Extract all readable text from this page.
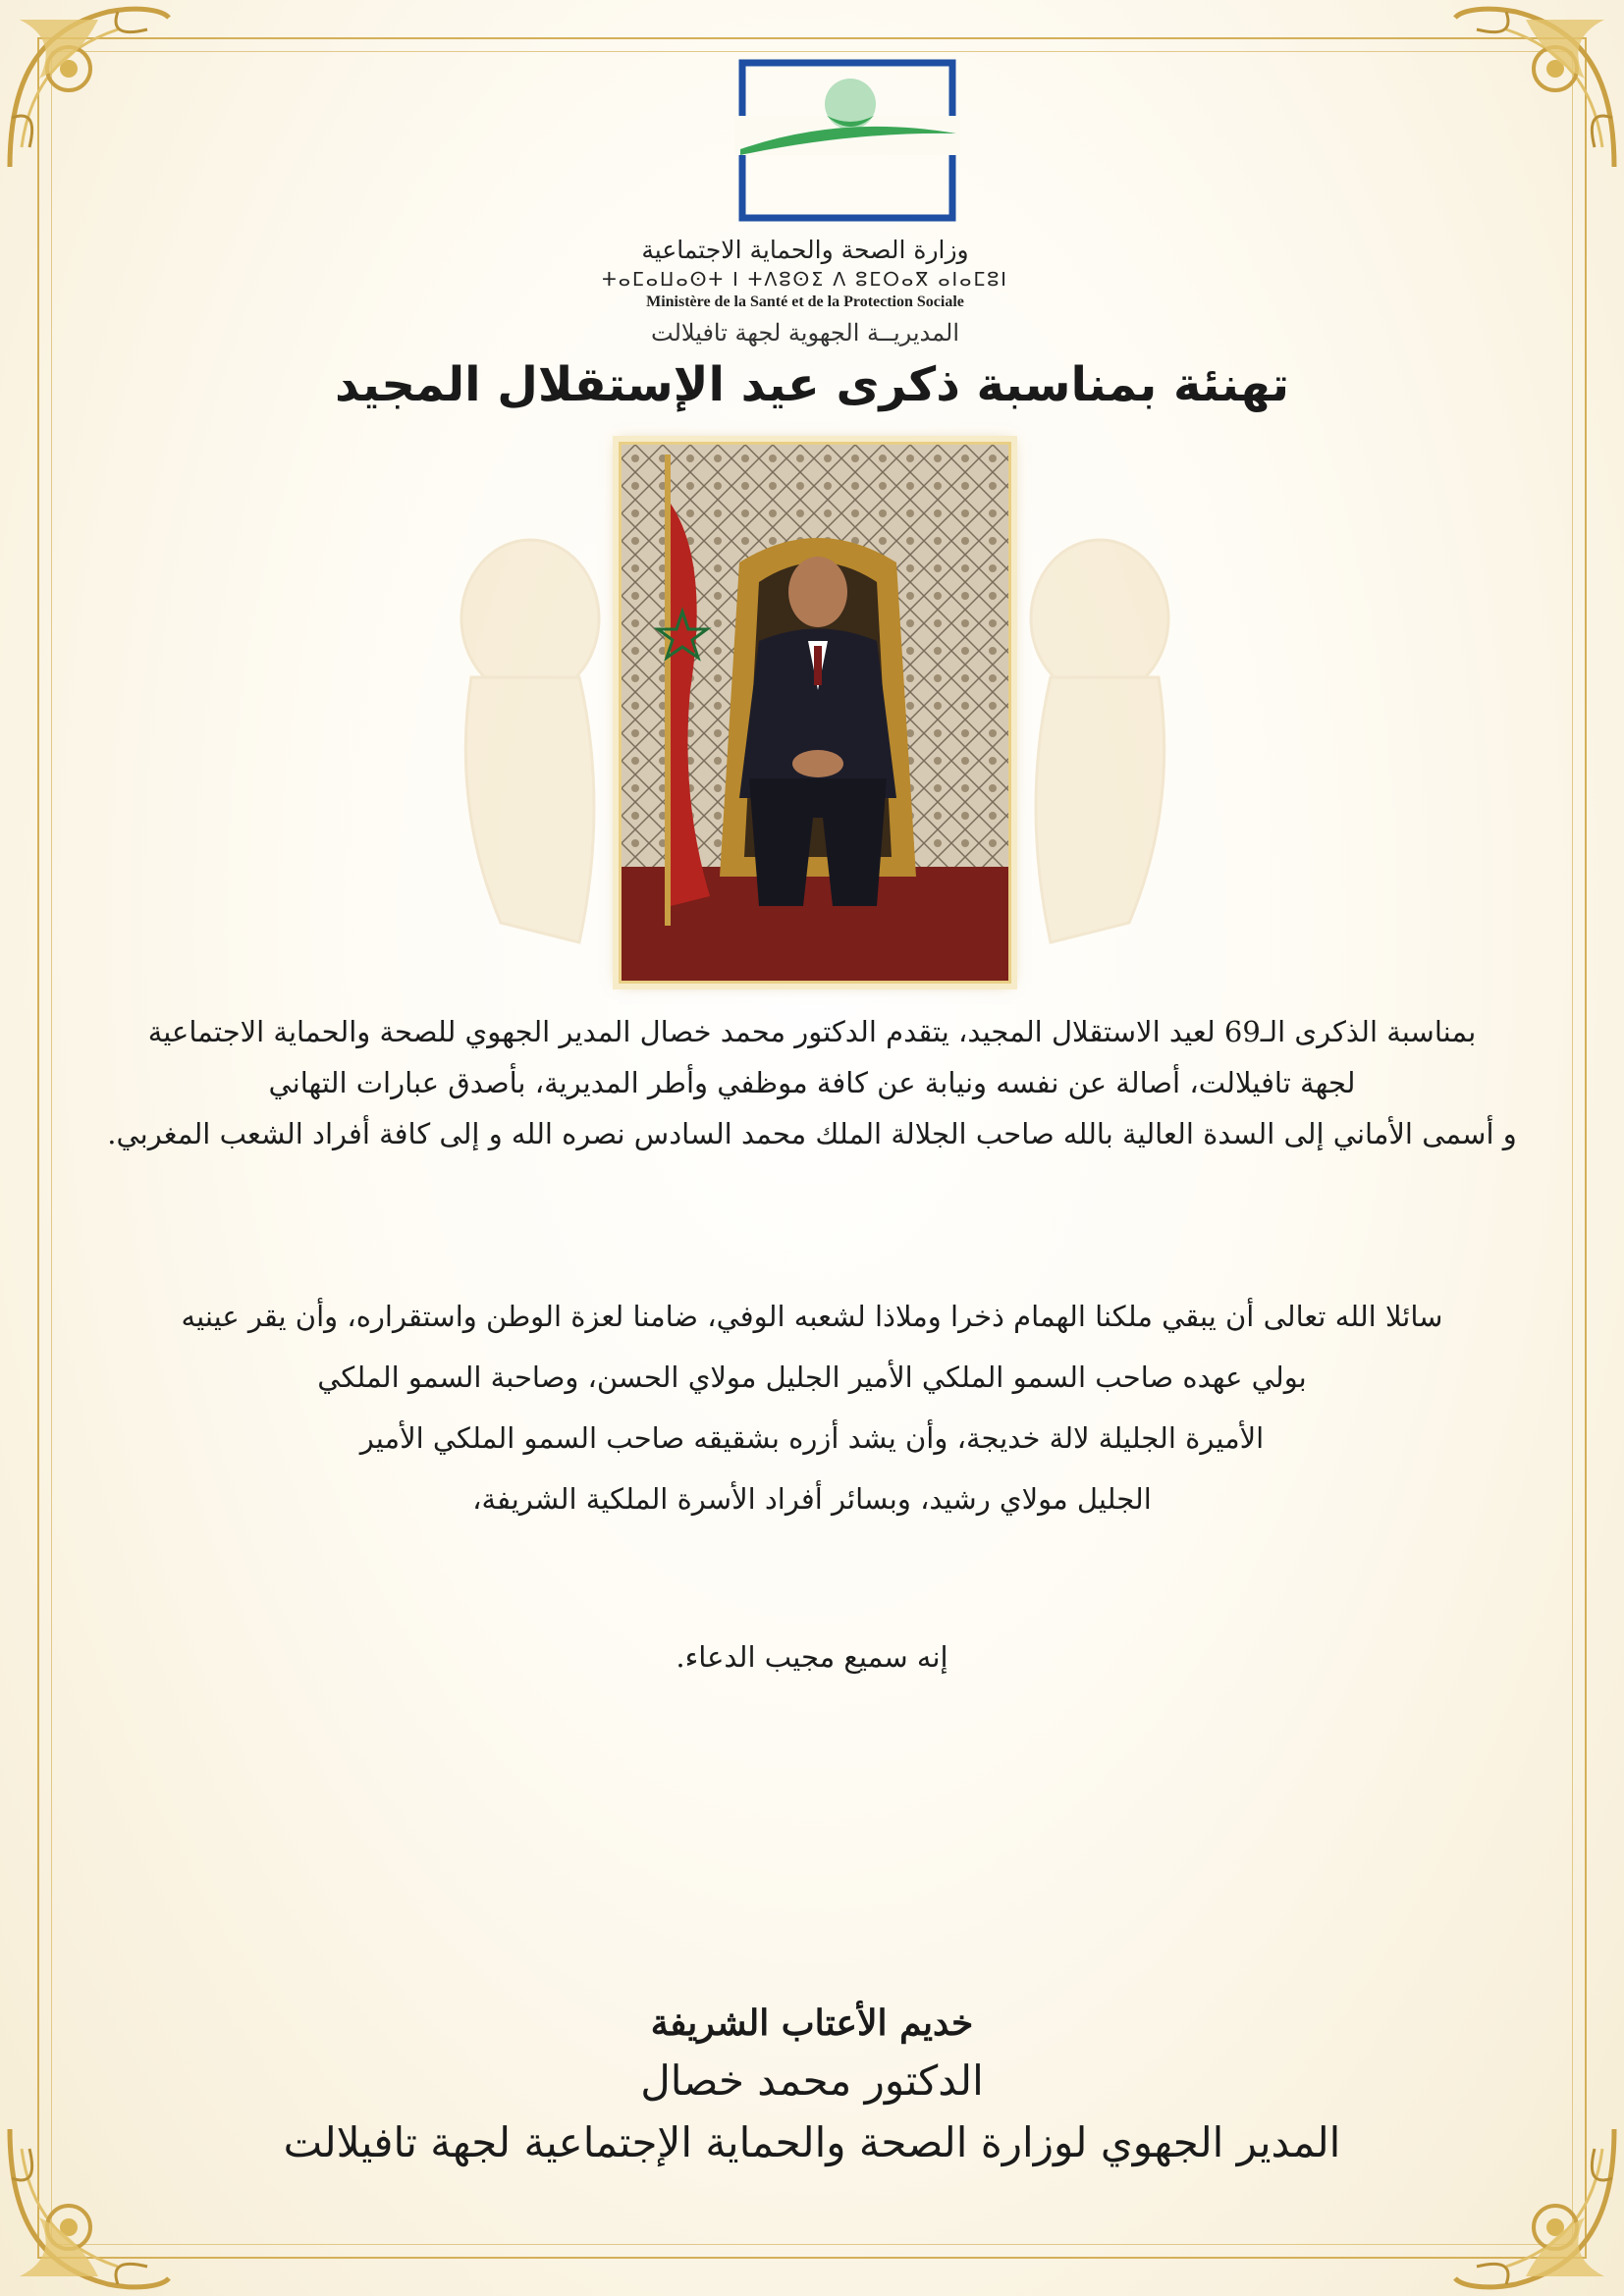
وزارة الصحة والحماية الاجتماعية
ⵜⴰⵎⴰⵡⴰⵙⵜ ⵏ ⵜⴷⵓⵙⵉ ⴷ ⵓⵎⵔⴰⴳ ⴰⵏⴰⵎⵓⵏ
Ministère de la Santé et de la Protection Sociale
المديريــة الجهوية لجهة تافيلالت
تهنئة بمناسبة ذكرى عيد الإستقلال المجيد
بمناسبة الذكرى الـ69 لعيد الاستقلال المجيد، يتقدم الدكتور محمد خصال المدير الجهوي للصحة والحماية الاجتماعية
لجهة تافيلالت، أصالة عن نفسه ونيابة عن كافة موظفي وأطر المديرية، بأصدق عبارات التهاني
و أسمى الأماني إلى السدة العالية بالله صاحب الجلالة الملك محمد السادس نصره الله و إلى كافة أفراد الشعب المغربي.
سائلا الله تعالى أن يبقي ملكنا الهمام ذخرا وملاذا لشعبه الوفي، ضامنا لعزة الوطن واستقراره، وأن يقر عينيه
بولي عهده صاحب السمو الملكي الأمير الجليل مولاي الحسن، وصاحبة السمو الملكي
الأميرة الجليلة لالة خديجة، وأن يشد أزره بشقيقه صاحب السمو الملكي الأمير
الجليل مولاي رشيد، وبسائر أفراد الأسرة الملكية الشريفة،
إنه سميع مجيب الدعاء.
خديم الأعتاب الشريفة
الدكتور محمد خصال
المدير الجهوي لوزارة الصحة والحماية الإجتماعية لجهة تافيلالت
